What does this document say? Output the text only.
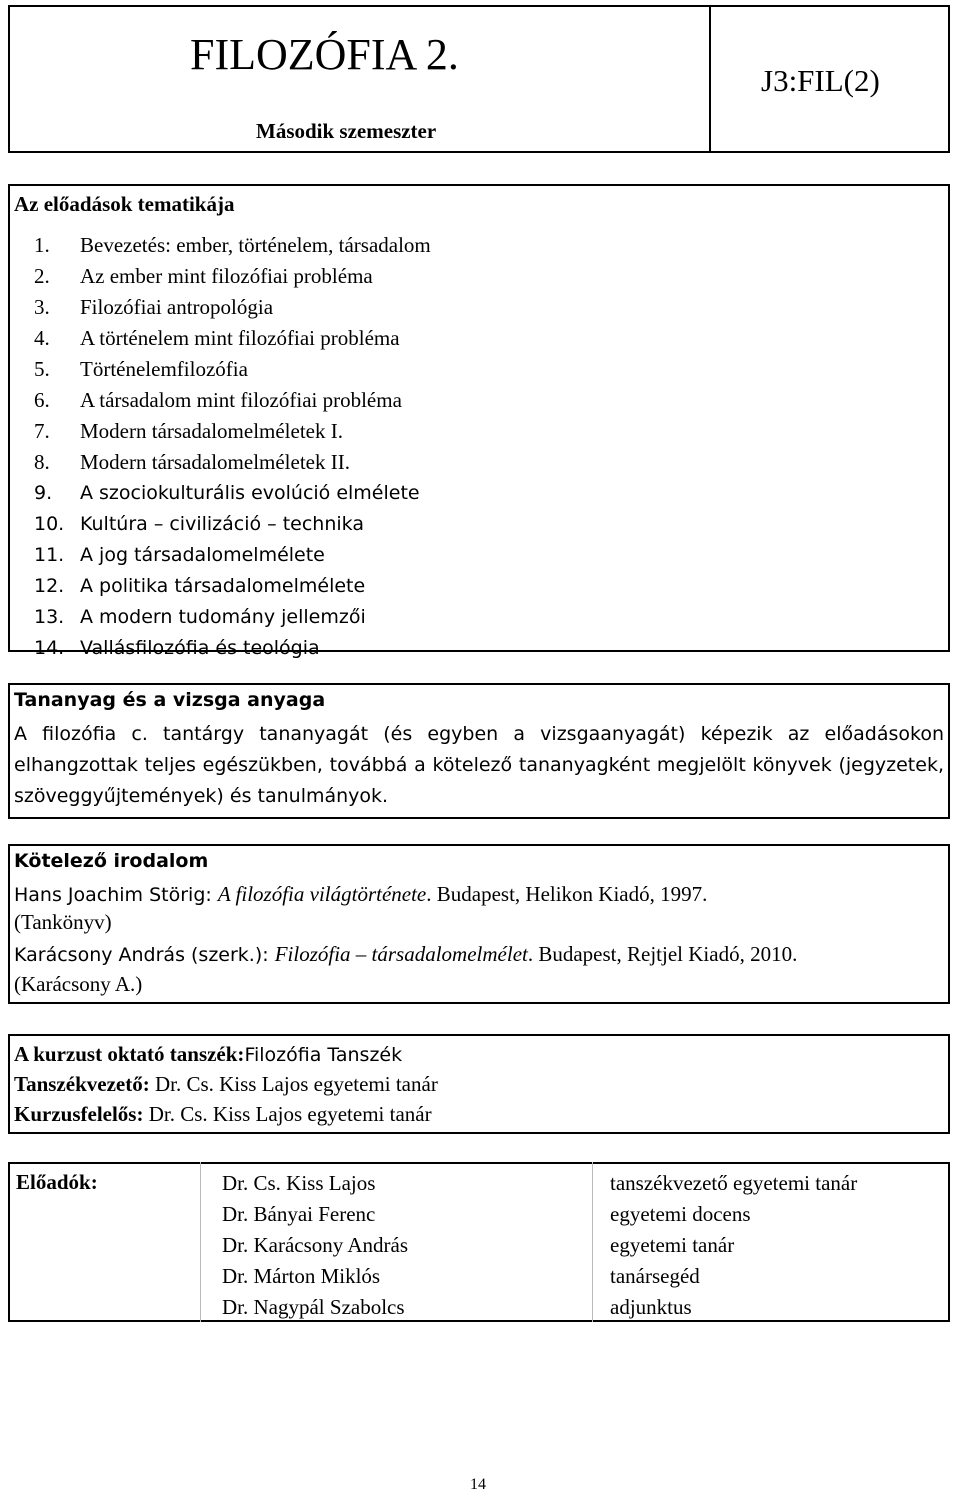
FILOZÓFIA 2.
Második szemeszter
J3:FIL(2)
Az előadások tematikája
1. Bevezetés: ember, történelem, társadalom
2. Az ember mint filozófiai probléma
3. Filozófiai antropológia
4. A történelem mint filozófiai probléma
5. Történelemfilozófia
6. A társadalom mint filozófiai probléma
7. Modern társadalomelméletek I.
8. Modern társadalomelméletek II.
9. A szociokulturális evolúció elmélete
10. Kultúra – civilizáció – technika
11. A jog társadalomelmélete
12. A politika társadalomelmélete
13. A modern tudomány jellemzői
14. Vallásfilozófia és teológia
Tananyag és a vizsga anyaga

A filozófia c. tantárgy tananyagát (és egyben a vizsgaanyagát) képezik az előadásokon elhangzottak teljes egészükben, továbbá a kötelező tananyagként megjelölt könyvek (jegyzetek, szöveggyűjtemények) és tanulmányok.

Kötelező irodalom
Hans Joachim Störig: A filozófia világtörténete. Budapest, Helikon Kiadó, 1997.
(Tankönyv)
Karácsony András (szerk.): Filozófia – társadalomelmélet. Budapest, Rejtjel Kiadó, 2010.
(Karácsony A.)
A kurzust oktató tanszék:Filozófia Tanszék
Tanszékvezető: Dr. Cs. Kiss Lajos egyetemi tanár
Kurzusfelelős: Dr. Cs. Kiss Lajos egyetemi tanár
Előadók:	Dr. Cs. Kiss Lajos
Dr. Bányai Ferenc
Dr. Karácsony András
Dr. Márton Miklós
Dr. Nagypál Szabolcs
tanszékvezető egyetemi tanár
egyetemi docens
egyetemi tanár
tanársegéd
adjunktus
14
